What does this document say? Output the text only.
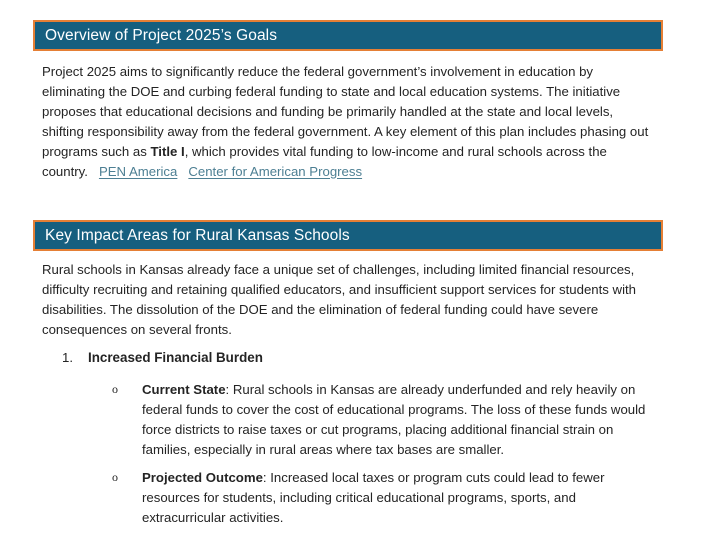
Overview of Project 2025’s Goals
Project 2025 aims to significantly reduce the federal government’s involvement in education by eliminating the DOE and curbing federal funding to state and local education systems. The initiative proposes that educational decisions and funding be primarily handled at the state and local levels, shifting responsibility away from the federal government. A key element of this plan includes phasing out programs such as Title I, which provides vital funding to low-income and rural schools across the country. PEN America Center for American Progress
Key Impact Areas for Rural Kansas Schools
Rural schools in Kansas already face a unique set of challenges, including limited financial resources, difficulty recruiting and retaining qualified educators, and insufficient support services for students with disabilities. The dissolution of the DOE and the elimination of federal funding could have severe consequences on several fronts.
1. Increased Financial Burden
o	Current State: Rural schools in Kansas are already underfunded and rely heavily on federal funds to cover the cost of educational programs. The loss of these funds would force districts to raise taxes or cut programs, placing additional financial strain on families, especially in rural areas where tax bases are smaller.
o	Projected Outcome: Increased local taxes or program cuts could lead to fewer resources for students, including critical educational programs, sports, and extracurricular activities.
